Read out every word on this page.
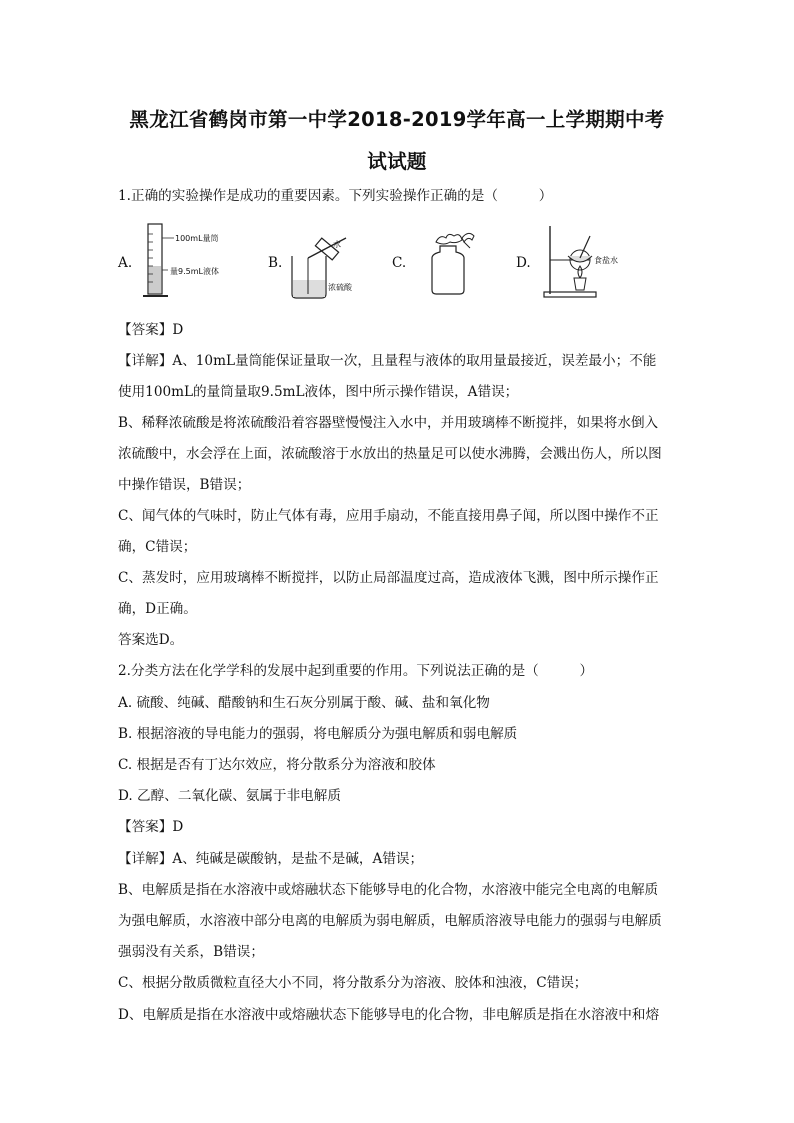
黑龙江省鹤岗市第一中学2018-2019学年高一上学期期中考
试试题
1.正确的实验操作是成功的重要因素。下列实验操作正确的是（　　　）
A.	B.	C.	D.
100mL量筒
量9.5mL液体
水
浓硫酸
食盐水
【答案】D
【详解】A、10mL量筒能保证量取一次，且量程与液体的取用量最接近，误差最小；不能
使用100mL的量筒量取9.5mL液体，图中所示操作错误，A错误；
B、稀释浓硫酸是将浓硫酸沿着容器壁慢慢注入水中，并用玻璃棒不断搅拌，如果将水倒入
浓硫酸中，水会浮在上面，浓硫酸溶于水放出的热量足可以使水沸腾，会溅出伤人，所以图
中操作错误，B错误；
C、闻气体的气味时，防止气体有毒，应用手扇动，不能直接用鼻子闻，所以图中操作不正
确，C错误；
C、蒸发时，应用玻璃棒不断搅拌，以防止局部温度过高，造成液体飞溅，图中所示操作正
确，D正确。
答案选D。
2.分类方法在化学学科的发展中起到重要的作用。下列说法正确的是（　　　）
A. 硫酸、纯碱、醋酸钠和生石灰分别属于酸、碱、盐和氧化物
B. 根据溶液的导电能力的强弱，将电解质分为强电解质和弱电解质
C. 根据是否有丁达尔效应，将分散系分为溶液和胶体
D. 乙醇、二氧化碳、氨属于非电解质
【答案】D
【详解】A、纯碱是碳酸钠，是盐不是碱，A错误；
B、电解质是指在水溶液中或熔融状态下能够导电的化合物，水溶液中能完全电离的电解质
为强电解质，水溶液中部分电离的电解质为弱电解质，电解质溶液导电能力的强弱与电解质
强弱没有关系，B错误；
C、根据分散质微粒直径大小不同，将分散系分为溶液、胶体和浊液，C错误；
D、电解质是指在水溶液中或熔融状态下能够导电的化合物，非电解质是指在水溶液中和熔
